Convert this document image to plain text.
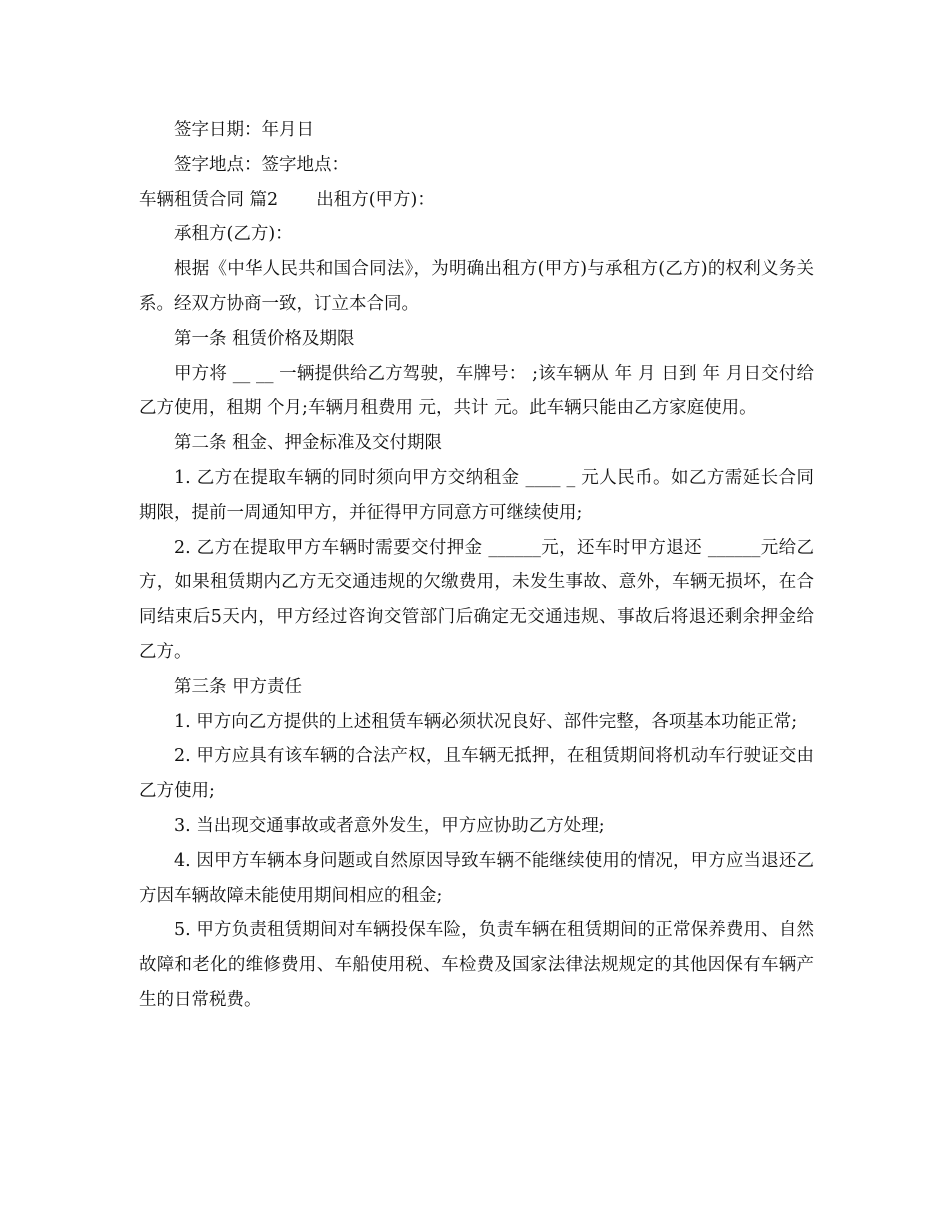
签字日期：年月日

签字地点：签字地点：

车辆租赁合同 篇2 出租方(甲方)：

承租方(乙方)：

根据《中华人民共和国合同法》，为明确出租方(甲方)与承租方(乙方)的权利义务关系。经双方协商一致，订立本合同。

第一条 租赁价格及期限

甲方将 __ __ 一辆提供给乙方驾驶，车牌号： ;该车辆从 年 月 日到 年 月日交付给乙方使用，租期 个月;车辆月租费用 元，共计 元。此车辆只能由乙方家庭使用。

第二条 租金、押金标准及交付期限

1. 乙方在提取车辆的同时须向甲方交纳租金 ____ _ 元人民币。如乙方需延长合同期限，提前一周通知甲方，并征得甲方同意方可继续使用;

2. 乙方在提取甲方车辆时需要交付押金 ______元，还车时甲方退还 ______元给乙方，如果租赁期内乙方无交通违规的欠缴费用，未发生事故、意外，车辆无损坏，在合同结束后5天内，甲方经过咨询交管部门后确定无交通违规、事故后将退还剩余押金给乙方。

第三条 甲方责任

1. 甲方向乙方提供的上述租赁车辆必须状况良好、部件完整，各项基本功能正常;

2. 甲方应具有该车辆的合法产权，且车辆无抵押，在租赁期间将机动车行驶证交由乙方使用;

3. 当出现交通事故或者意外发生，甲方应协助乙方处理;

4. 因甲方车辆本身问题或自然原因导致车辆不能继续使用的情况，甲方应当退还乙方因车辆故障未能使用期间相应的租金;

5. 甲方负责租赁期间对车辆投保车险，负责车辆在租赁期间的正常保养费用、自然故障和老化的维修费用、车船使用税、车检费及国家法律法规规定的其他因保有车辆产生的日常税费。
